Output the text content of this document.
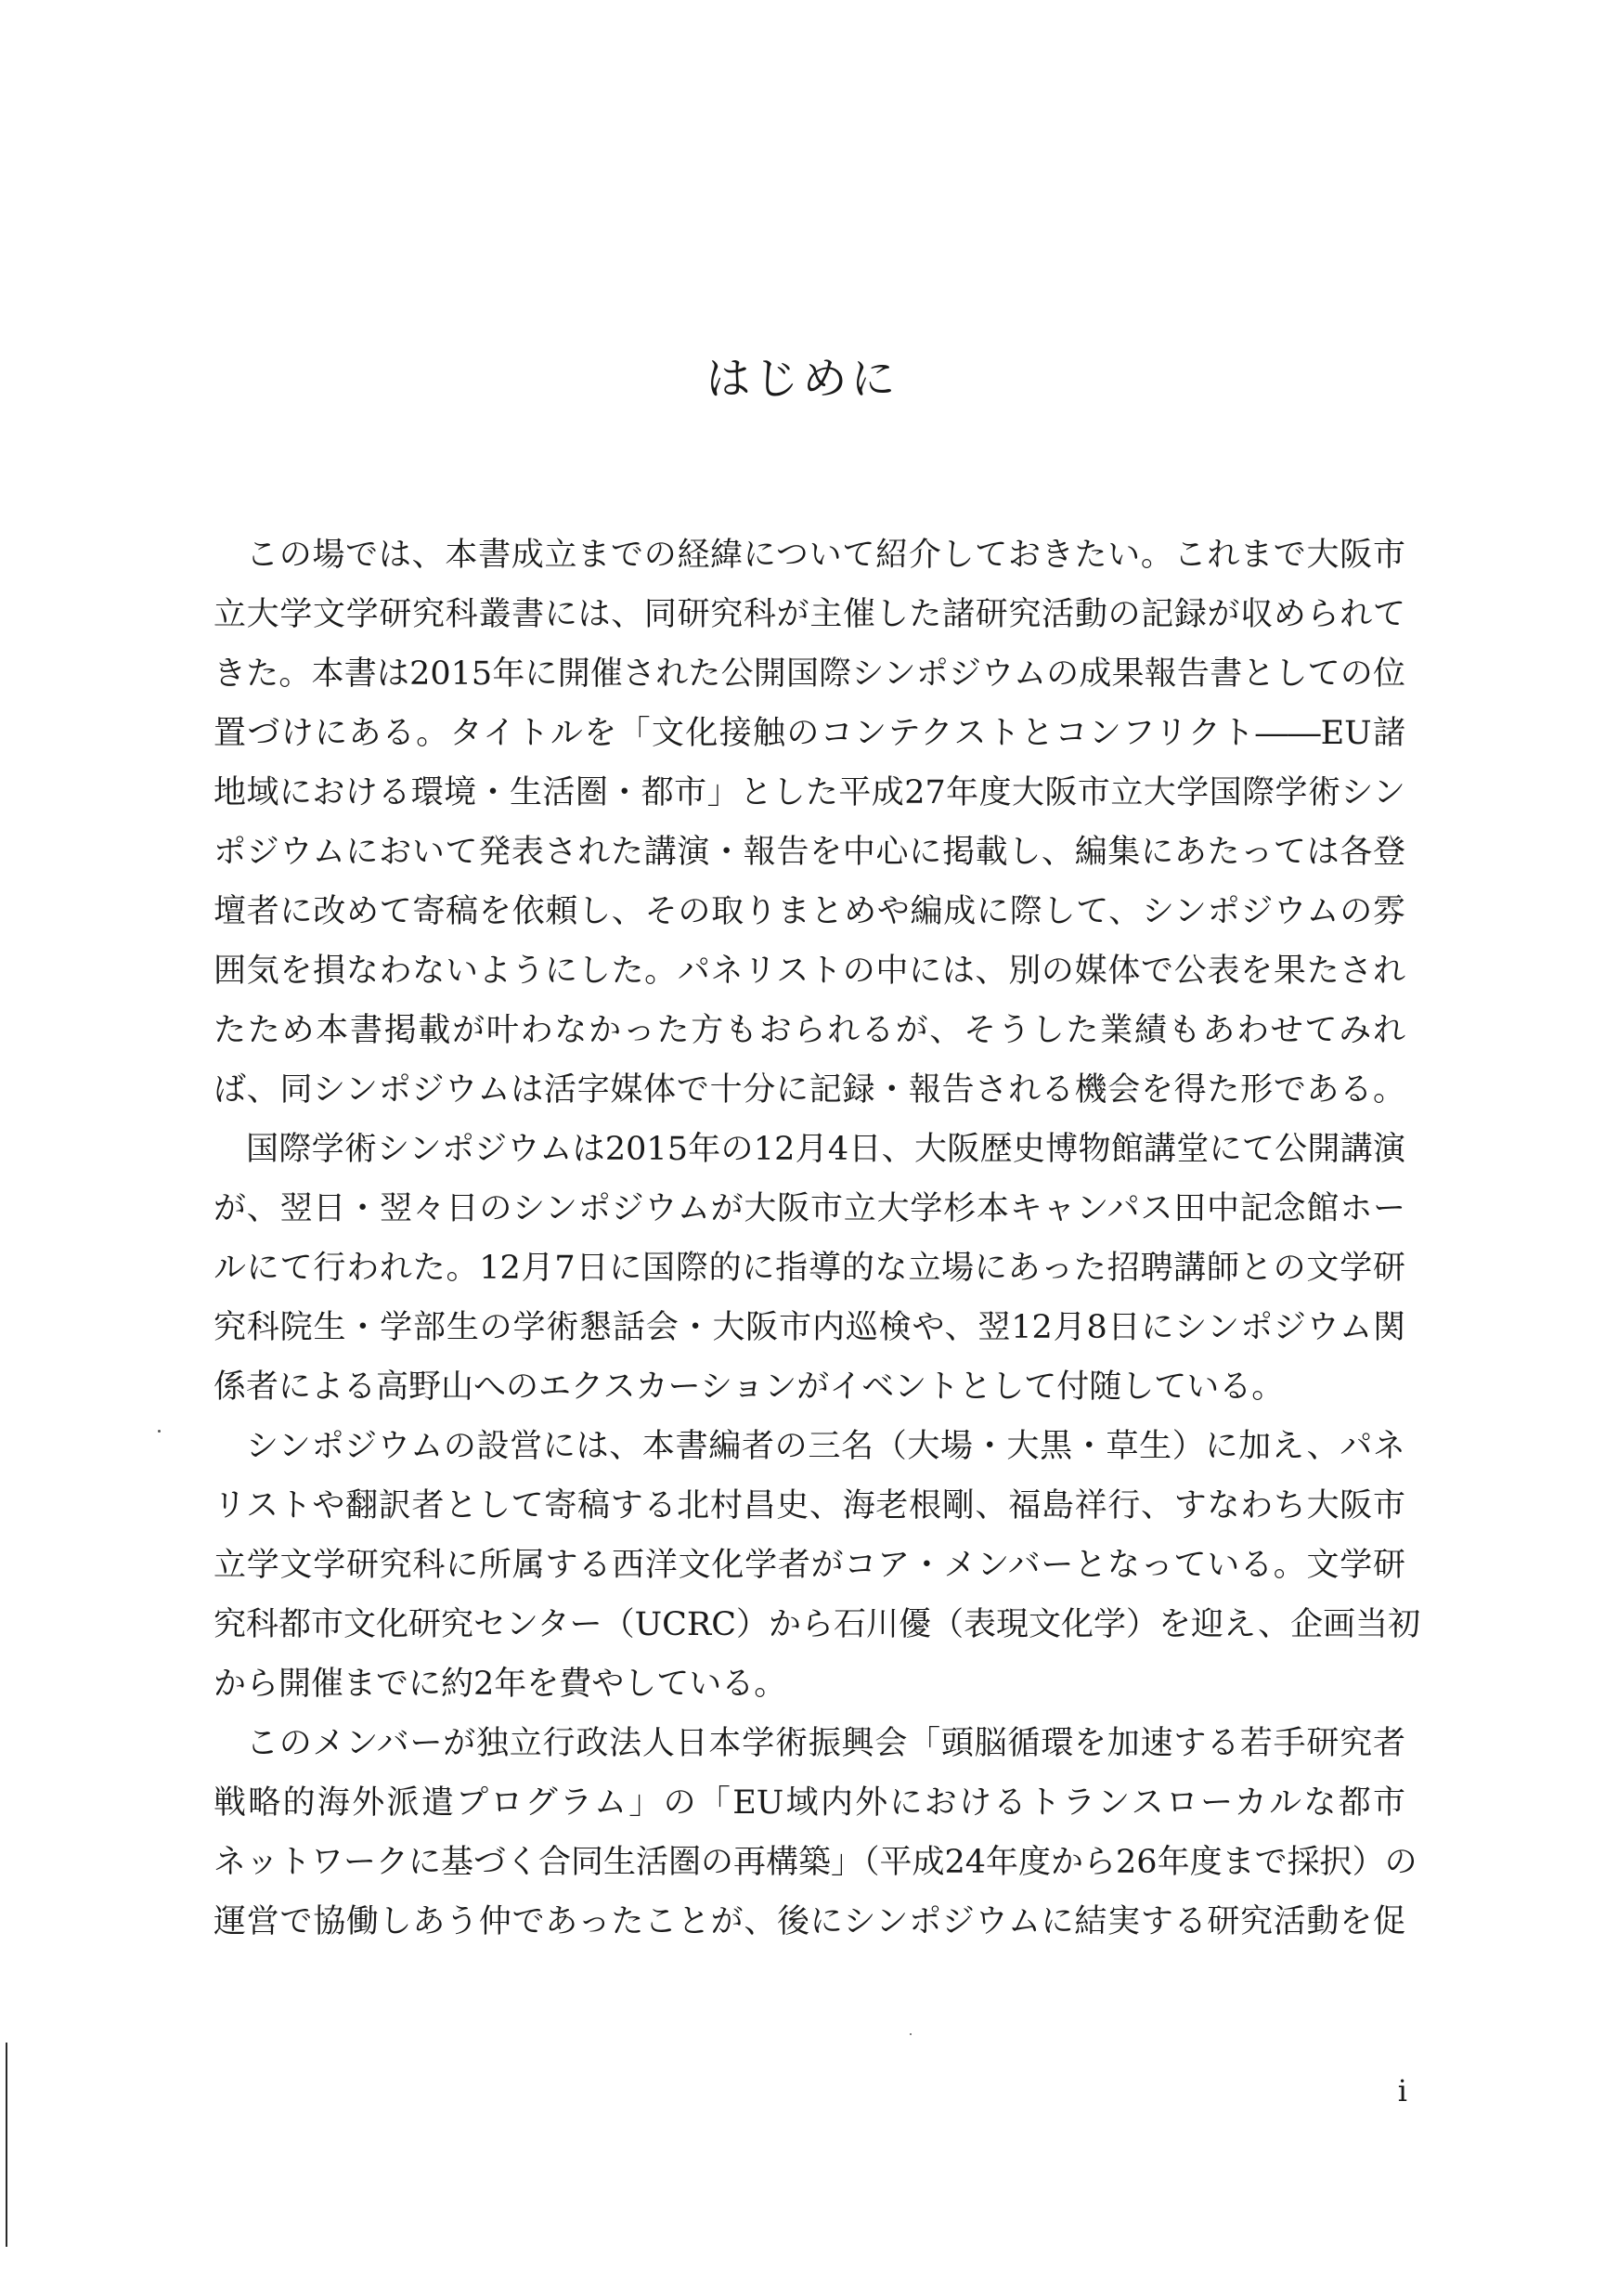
はじめに
この場では、本書成立までの経緯について紹介しておきたい。これまで大阪市
立大学文学研究科叢書には、同研究科が主催した諸研究活動の記録が収められて
きた。本書は2015年に開催された公開国際シンポジウムの成果報告書としての位
置づけにある。タイトルを「文化接触のコンテクストとコンフリクト――EU諸
地域における環境・生活圏・都市」とした平成27年度大阪市立大学国際学術シン
ポジウムにおいて発表された講演・報告を中心に掲載し、編集にあたっては各登
壇者に改めて寄稿を依頼し、その取りまとめや編成に際して、シンポジウムの雰
囲気を損なわないようにした。パネリストの中には、別の媒体で公表を果たされ
たため本書掲載が叶わなかった方もおられるが、そうした業績もあわせてみれ
ば、同シンポジウムは活字媒体で十分に記録・報告される機会を得た形である。
国際学術シンポジウムは2015年の12月4日、大阪歴史博物館講堂にて公開講演
が、翌日・翌々日のシンポジウムが大阪市立大学杉本キャンパス田中記念館ホー
ルにて行われた。12月7日に国際的に指導的な立場にあった招聘講師との文学研
究科院生・学部生の学術懇話会・大阪市内巡検や、翌12月8日にシンポジウム関
係者による高野山へのエクスカーションがイベントとして付随している。
シンポジウムの設営には、本書編者の三名（大場・大黒・草生）に加え、パネ
リストや翻訳者として寄稿する北村昌史、海老根剛、福島祥行、すなわち大阪市
立学文学研究科に所属する西洋文化学者がコア・メンバーとなっている。文学研
究科都市文化研究センター（UCRC）から石川優（表現文化学）を迎え、企画当初
から開催までに約2年を費やしている。
このメンバーが独立行政法人日本学術振興会「頭脳循環を加速する若手研究者
戦略的海外派遣プログラム」の「EU域内外におけるトランスローカルな都市
ネットワークに基づく合同生活圏の再構築」（平成24年度から26年度まで採択）の
運営で協働しあう仲であったことが、後にシンポジウムに結実する研究活動を促
i
